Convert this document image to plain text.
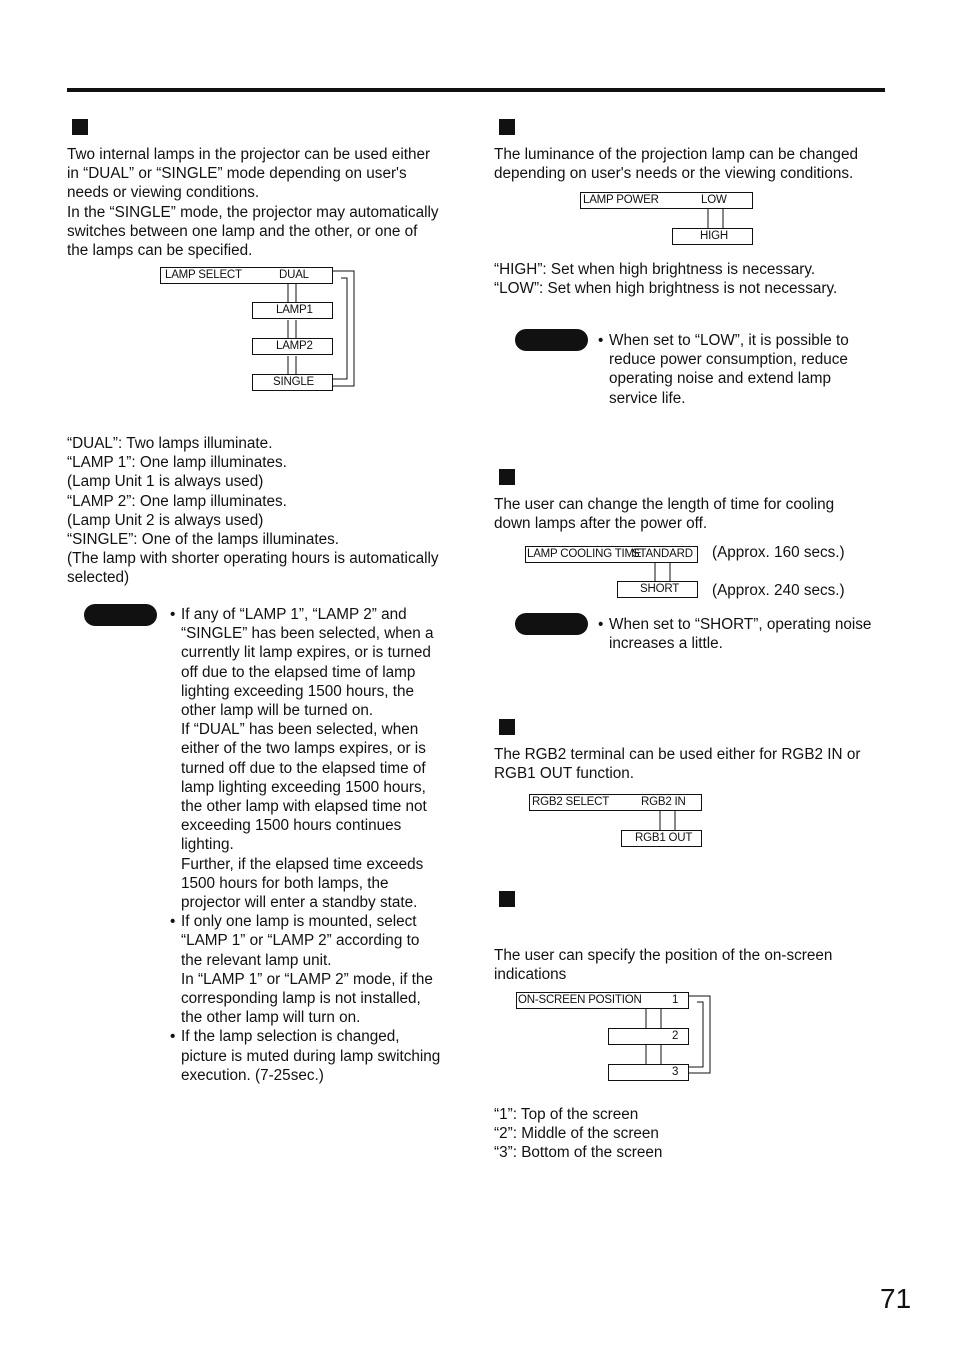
Two internal lamps in the projector can be used either
in “DUAL” or “SINGLE” mode depending on user's
needs or viewing conditions.
In the “SINGLE” mode, the projector may automatically
switches between one lamp and the other, or one of
the lamps can be specified.
LAMP SELECT	DUAL
LAMP1
LAMP2
SINGLE
“DUAL”: Two lamps illuminate.
“LAMP 1”: One lamp illuminates.
(Lamp Unit 1 is always used)
“LAMP 2”: One lamp illuminates.
(Lamp Unit 2 is always used)
“SINGLE”: One of the lamps illuminates.
(The lamp with shorter operating hours is automatically
selected)
• If any of “LAMP 1”, “LAMP 2” and
“SINGLE” has been selected, when a
currently lit lamp expires, or is turned
off due to the elapsed time of lamp
lighting exceeding 1500 hours, the
other lamp will be turned on.
If “DUAL” has been selected, when
either of the two lamps expires, or is
turned off due to the elapsed time of
lamp lighting exceeding 1500 hours,
the other lamp with elapsed time not
exceeding 1500 hours continues
lighting.
Further, if the elapsed time exceeds
1500 hours for both lamps, the
projector will enter a standby state.
• If only one lamp is mounted, select
“LAMP 1” or “LAMP 2” according to
the relevant lamp unit.
In “LAMP 1” or “LAMP 2” mode, if the
corresponding lamp is not installed,
the other lamp will turn on.
• If the lamp selection is changed,
picture is muted during lamp switching
execution. (7-25sec.)
The luminance of the projection lamp can be changed
depending on user's needs or the viewing conditions.
LAMP POWER	LOW
HIGH
“HIGH”: Set when high brightness is necessary.
“LOW”: Set when high brightness is not necessary.
• When set to “LOW”, it is possible to
reduce power consumption, reduce
operating noise and extend lamp
service life.
The user can change the length of time for cooling
down lamps after the power off.
LAMP COOLING TIME
STANDARD
SHORT
(Approx. 160 secs.)
(Approx. 240 secs.)
• When set to “SHORT”, operating noise
increases a little.
The RGB2 terminal can be used either for RGB2 IN or
RGB1 OUT function.
RGB2 SELECT	RGB2 IN
RGB1 OUT
The user can specify the position of the on-screen
indications
ON-SCREEN POSITION	1
2
3
“1”: Top of the screen
“2”: Middle of the screen
“3”: Bottom of the screen
71
